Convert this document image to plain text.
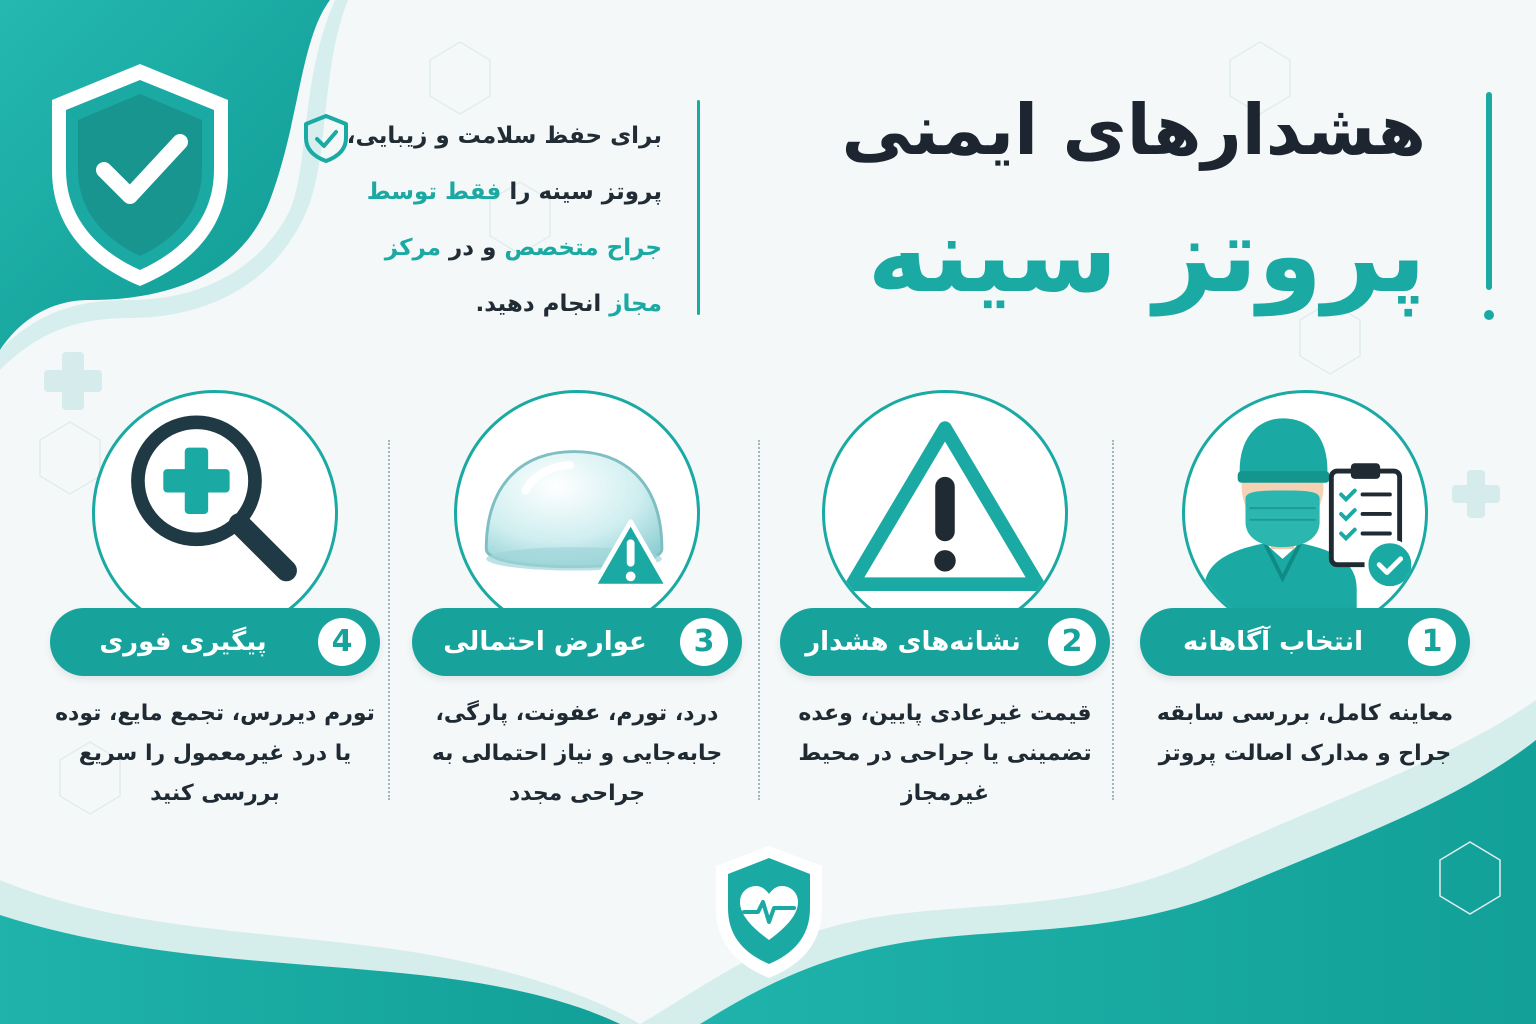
هشدارهای ایمنی
پروتز سینه
برای حفظ سلامت و زیبایی،
پروتز سینه را فقط توسط
جراح متخصص و در مرکز
مجاز انجام دهید.
1
انتخاب آگاهانه
معاینه کامل، بررسی سابقه جراح و مدارک اصالت پروتز
2
نشانه‌های هشدار
قیمت غیرعادی پایین، وعده تضمینی یا جراحی در محیط غیرمجاز
3
عوارض احتمالی
درد، تورم، عفونت، پارگی، جابه‌جایی و نیاز احتمالی به جراحی مجدد
4
پیگیری فوری
تورم دیررس، تجمع مایع، توده یا درد غیرمعمول را سریع بررسی کنید
